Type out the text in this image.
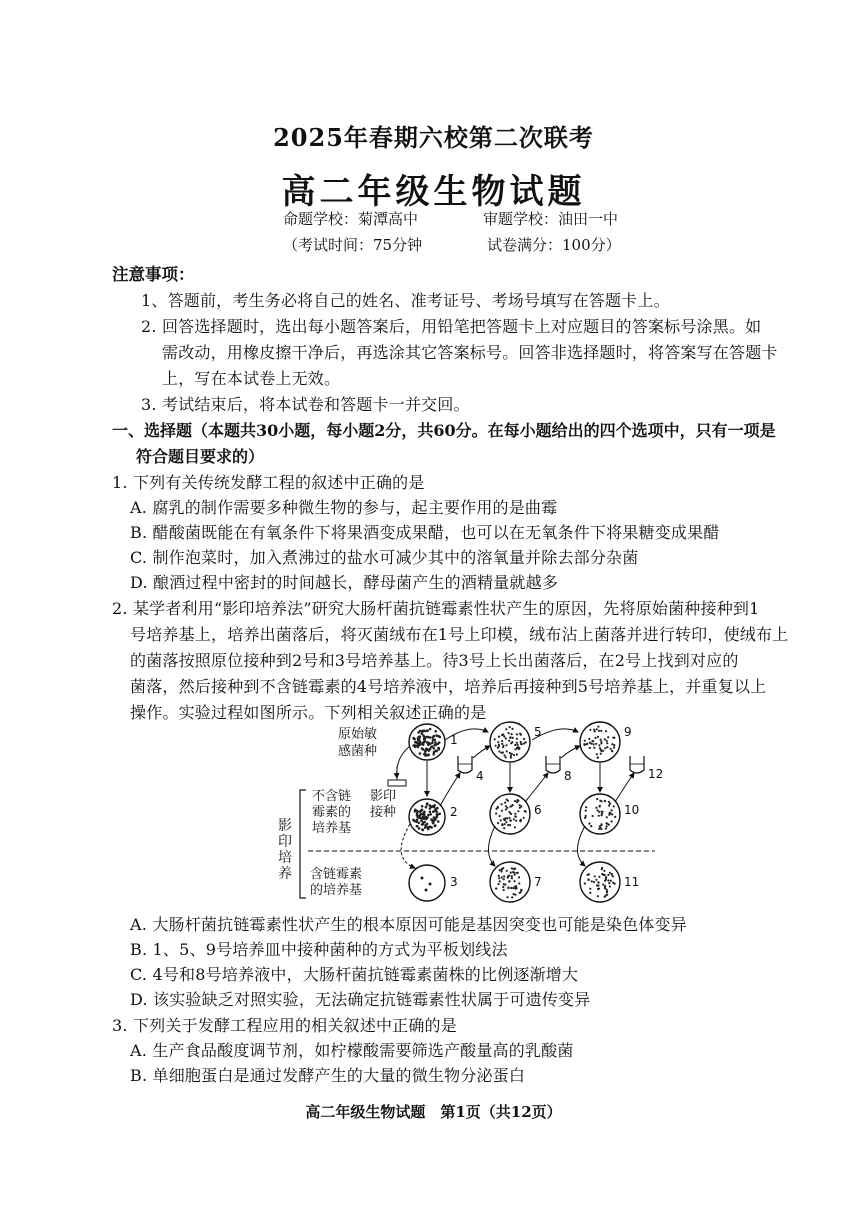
2025年春期六校第二次联考
高二年级生物试题
命题学校：菊潭高中	审题学校：油田一中
（考试时间：75分钟	试卷满分：100分）
注意事项：
1、答题前，考生务必将自己的姓名、准考证号、考场号填写在答题卡上。
2. 回答选择题时，选出每小题答案后，用铅笔把答题卡上对应题目的答案标号涂黑。如
需改动，用橡皮擦干净后，再选涂其它答案标号。回答非选择题时，将答案写在答题卡
上，写在本试卷上无效。
3. 考试结束后，将本试卷和答题卡一并交回。
一、选择题（本题共30小题，每小题2分，共60分。在每小题给出的四个选项中，只有一项是
符合题目要求的）
1. 下列有关传统发酵工程的叙述中正确的是
A. 腐乳的制作需要多种微生物的参与，起主要作用的是曲霉
B. 醋酸菌既能在有氧条件下将果酒变成果醋，也可以在无氧条件下将果糖变成果醋
C. 制作泡菜时，加入煮沸过的盐水可减少其中的溶氧量并除去部分杂菌
D. 酿酒过程中密封的时间越长，酵母菌产生的酒精量就越多
2. 某学者利用“影印培养法”研究大肠杆菌抗链霉素性状产生的原因，先将原始菌种接种到1
号培养基上，培养出菌落后，将灭菌绒布在1号上印模，绒布沾上菌落并进行转印，使绒布上
的菌落按照原位接种到2号和3号培养基上。待3号上长出菌落后，在2号上找到对应的
菌落，然后接种到不含链霉素的4号培养液中，培养后再接种到5号培养基上，并重复以上
操作。实验过程如图所示。下列相关叙述正确的是
原始敏
感菌种
不含链
霉素的
培养基
影印
接种
含链霉素
的培养基
影
印
培
养
1
2
3
4
5
6
7
8
9
10
11
12
A. 大肠杆菌抗链霉素性状产生的根本原因可能是基因突变也可能是染色体变异
B. 1、5、9号培养皿中接种菌种的方式为平板划线法
C. 4号和8号培养液中，大肠杆菌抗链霉素菌株的比例逐渐增大
D. 该实验缺乏对照实验，无法确定抗链霉素性状属于可遗传变异
3. 下列关于发酵工程应用的相关叙述中正确的是
A. 生产食品酸度调节剂，如柠檬酸需要筛选产酸量高的乳酸菌
B. 单细胞蛋白是通过发酵产生的大量的微生物分泌蛋白
高二年级生物试题　第1页（共12页）
